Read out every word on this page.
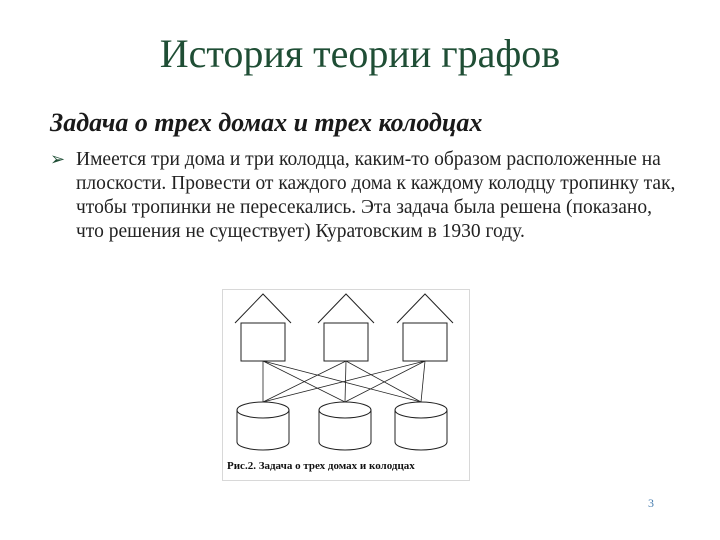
История теории графов
Задача о трех домах и трех колодцах
➢ Имеется три дома и три колодца, каким-то образом расположенные на плоскости. Провести от каждого дома к каждому колодцу тропинку так, чтобы тропинки не пересекались. Эта задача была решена (показано, что решения не существует) Куратовским в 1930 году.
Рис.2. Задача о трех домах и колодцах
3
